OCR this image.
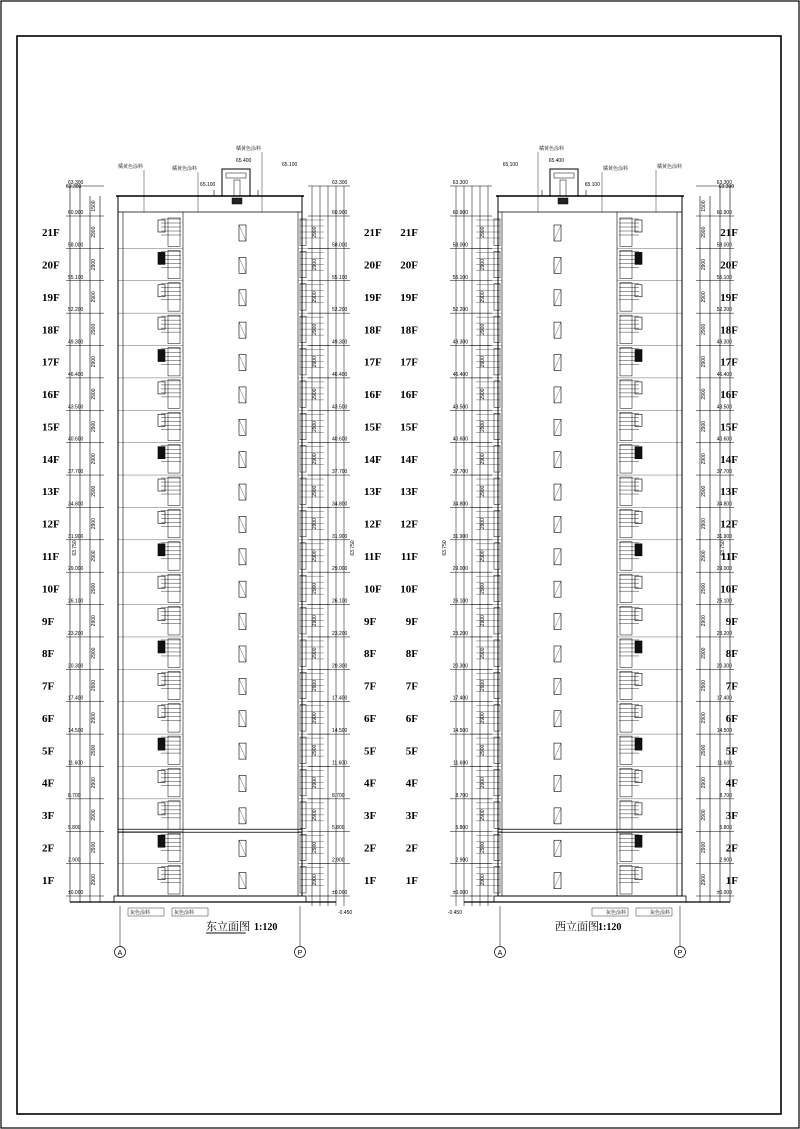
±0.000	±0.000
2900	2900
2.900	2.900
2900	2900
5.800	5.800
2900	2900
8.700	8.700
2900	2900
11.600	11.600
2900	2900
14.500	14.500
2900	2900
17.400	17.400
2900	2900
20.300	20.300
2900	2900
23.200	23.200
2900	2900
26.100	26.100
2900	2900
29.000	29.000
2900	2900
31.900	31.900
2900	2900
34.800	34.800
2900	2900
37.700	37.700
2900	2900
40.600	40.600
2900	2900
43.500	43.500
2900	2900
46.400	46.400
2900	2900
49.300	49.300
2900	2900
52.200	52.200
2900	2900
55.100	55.100
2900	2900
58.000	58.000
2900	2900
60.900	60.900
63.300	63.300
1500
63.750	63.750
-0.450
1F	1F
2F	2F
3F	3F
4F	4F
5F	5F
6F	6F
7F	7F
8F	8F
9F	9F
10F	10F
11F	11F
12F	12F
13F	13F
14F	14F
15F	15F
16F	16F
17F	17F
18F	18F
19F	19F
20F	20F
21F	21F
橘黄色涂料	橘黄色涂料
橘黄色涂料
65.400
65.100
63.300
65.100
灰色涂料	灰色涂料
A	P
东立面图 1:120
±0.000
±0.000
2900
2900
2.900
2.900
2900
2900
5.800
5.800
2900
2900
8.700
8.700
2900
2900
11.600
11.600
2900
2900
14.500
14.500
2900
2900
17.400
17.400
2900
2900
20.300
20.300
2900
2900
23.200
23.200
2900
2900
26.100
26.100
2900
2900
29.000
29.000
2900
2900
31.900
31.900
2900
2900
34.800
34.800
2900
2900
37.700
37.700
2900
2900
40.600
40.600
2900
2900
43.500
43.500
2900
2900
46.400
46.400
2900
2900
49.300
49.300
2900
2900
52.200
52.200
2900
2900
55.100
55.100
2900
2900
58.000
58.000
2900
2900
60.900
60.900
63.300
63.300
1500
63.750
63.750
-0.450
1F
1F
2F
2F
3F
3F
4F
4F
5F
5F
6F
6F
7F
7F
8F
8F
9F
9F
10F
10F
11F
11F
12F
12F
13F
13F
14F
14F
15F
15F
16F
16F
17F
17F
18F
18F
19F
19F
20F
20F
21F
21F
橘黄色涂料
橘黄色涂料
橘黄色涂料
65.400
65.100	63.300
65.100
灰色涂料
灰色涂料
P
A
西立面图 1:120
